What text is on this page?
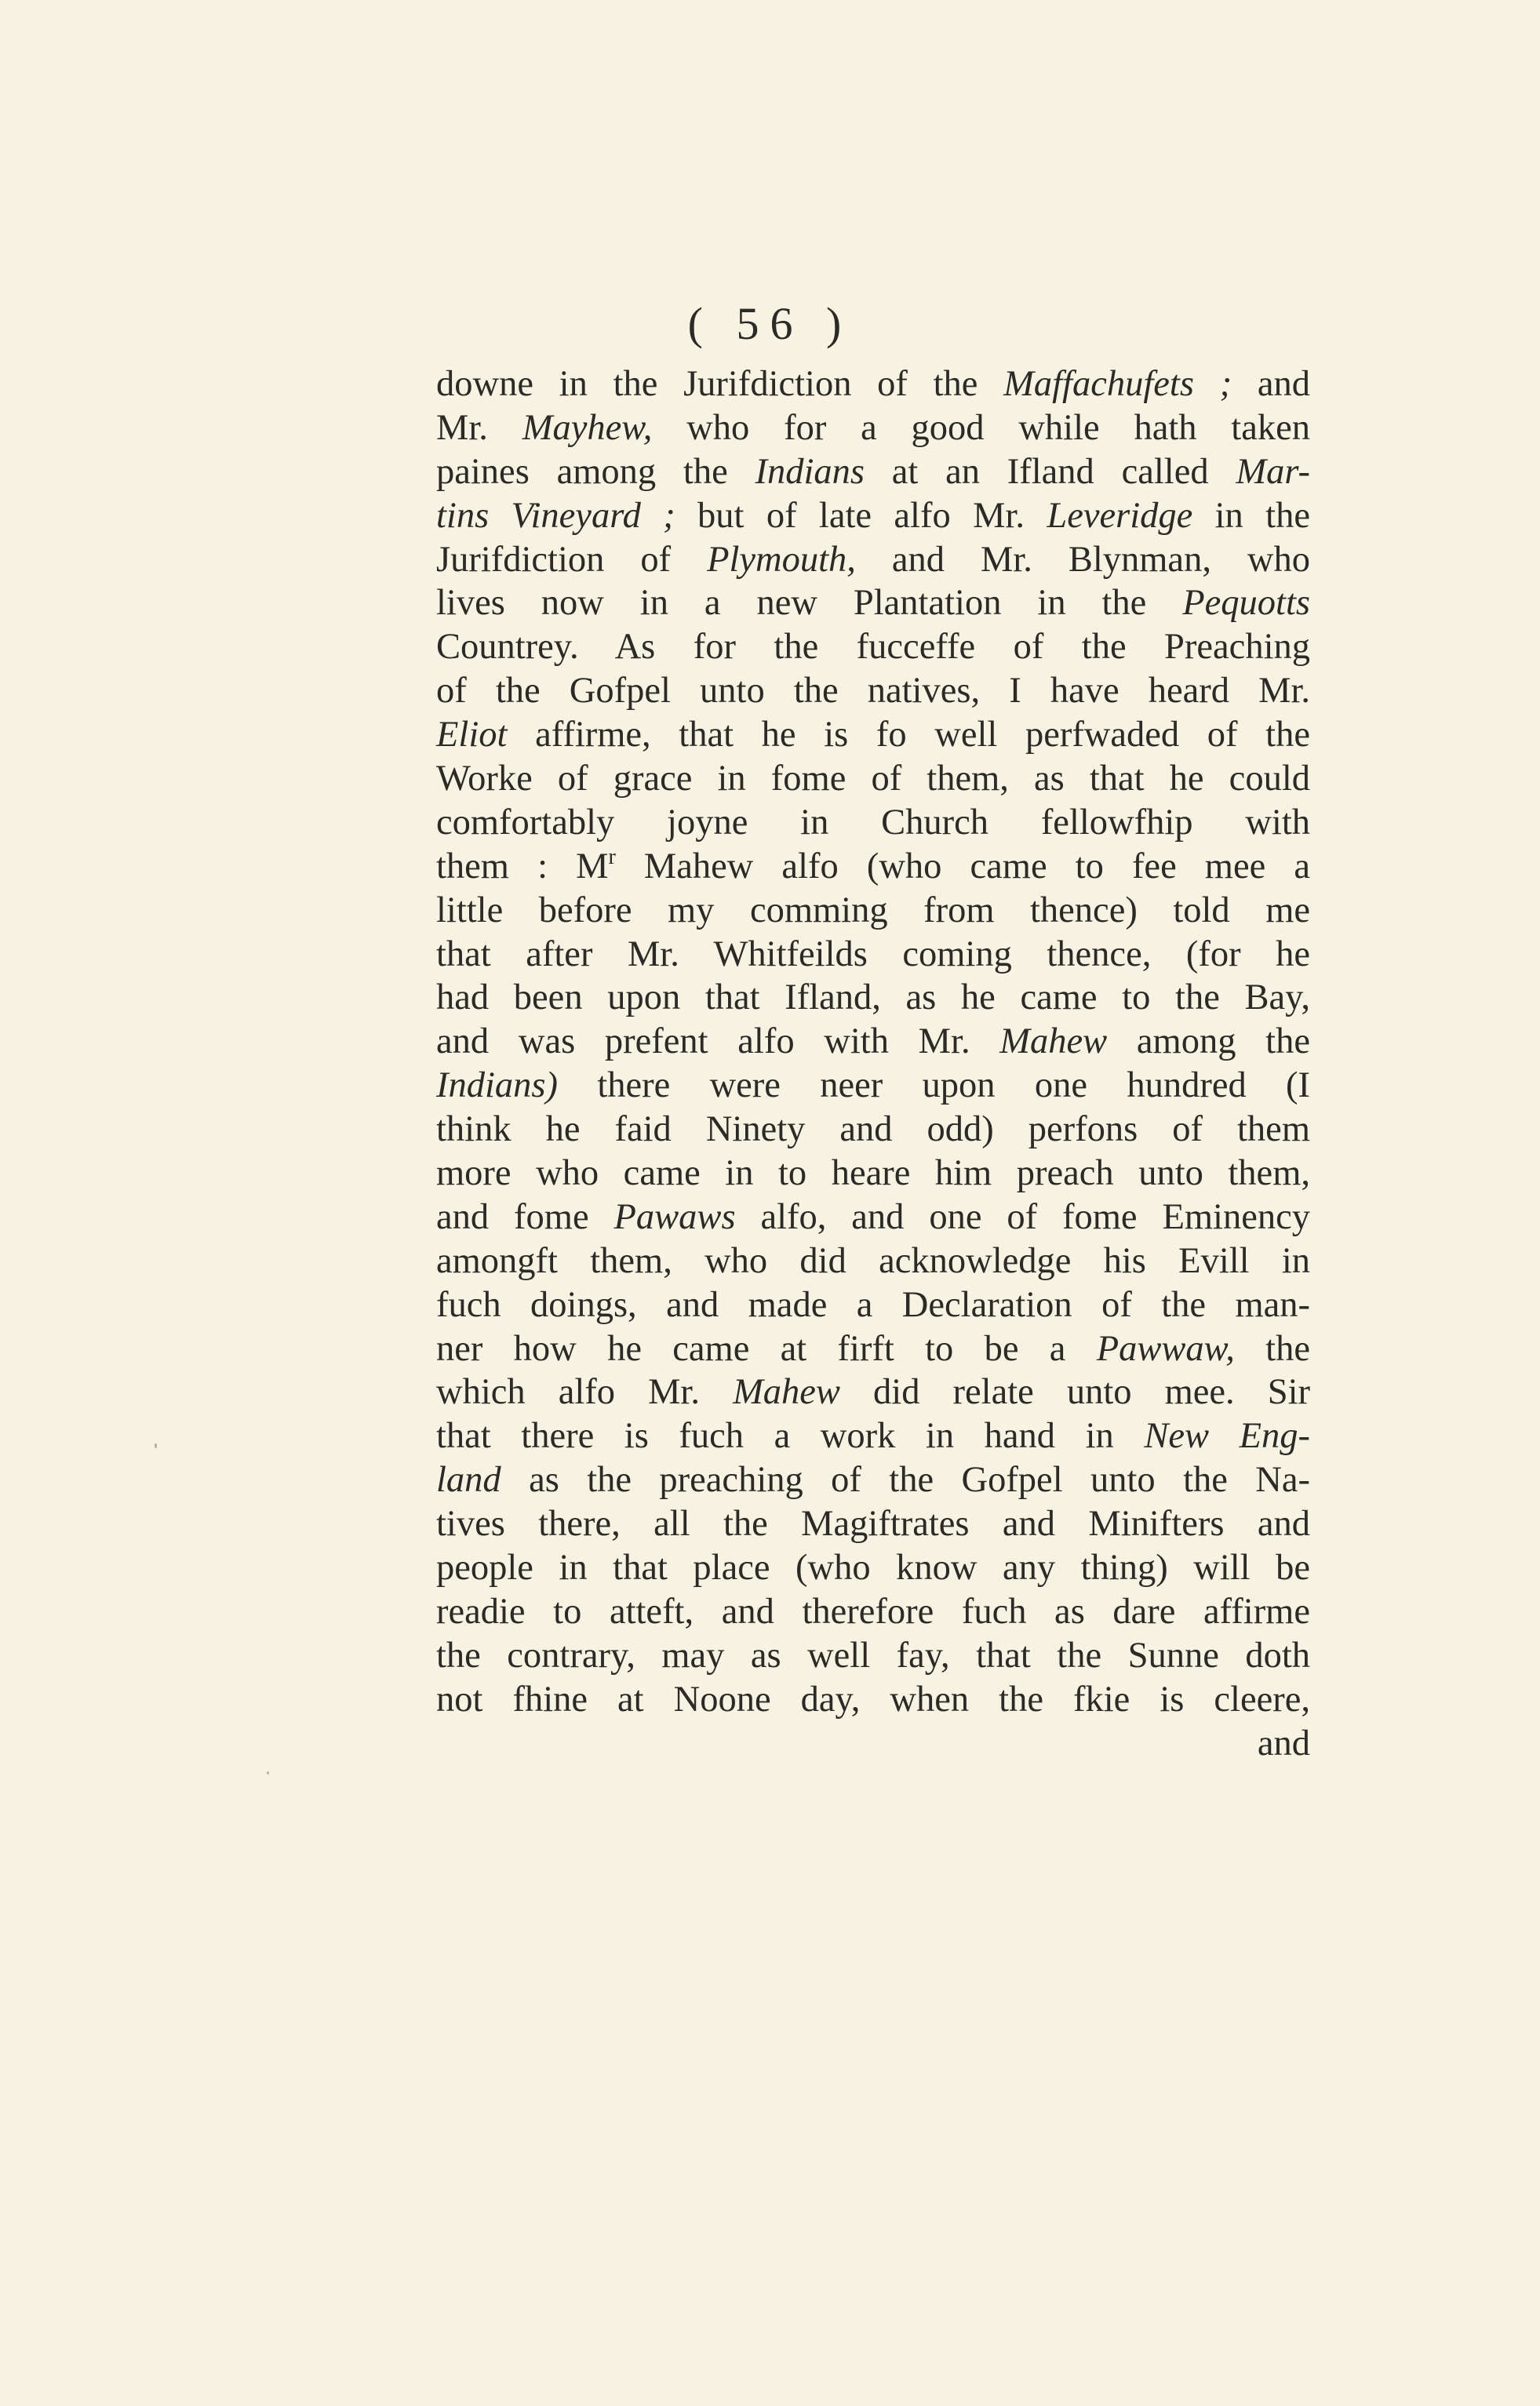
( 56 )
downe in the Jurifdiction of the Maffachufets ; and
Mr. Mayhew, who for a good while hath taken
paines among the Indians at an Ifland called Mar-
tins Vineyard ; but of late alfo Mr. Leveridge in the
Jurifdiction of Plymouth, and Mr. Blynman, who
lives now in a new Plantation in the Pequotts
Countrey. As for the fucceffe of the Preaching
of the Gofpel unto the natives, I have heard Mr.
Eliot affirme, that he is fo well perfwaded of the
Worke of grace in fome of them, as that he could
comfortably joyne in Church fellowfhip with
them : $M^r$ Mahew alfo (who came to fee mee a
little before my comming from thence) told me
that after Mr. Whitfeilds coming thence, (for he
had been upon that Ifland, as he came to the Bay,
and was prefent alfo with Mr. Mahew among the
Indians) there were neer upon one hundred (I
think he faid Ninety and odd) perfons of them
more who came in to heare him preach unto them,
and fome Pawaws alfo, and one of fome Eminency
amongft them, who did acknowledge his Evill in
fuch doings, and made a Declaration of the man-
ner how he came at firft to be a Pawwaw, the
which alfo Mr. Mahew did relate unto mee. Sir
that there is fuch a work in hand in New Eng-
land as the preaching of the Gofpel unto the Na-
tives there, all the Magiftrates and Minifters and
people in that place (who know any thing) will be
readie to atteft, and therefore fuch as dare affirme
the contrary, may as well fay, that the Sunne doth
not fhine at Noone day, when the fkie is cleere,
and
